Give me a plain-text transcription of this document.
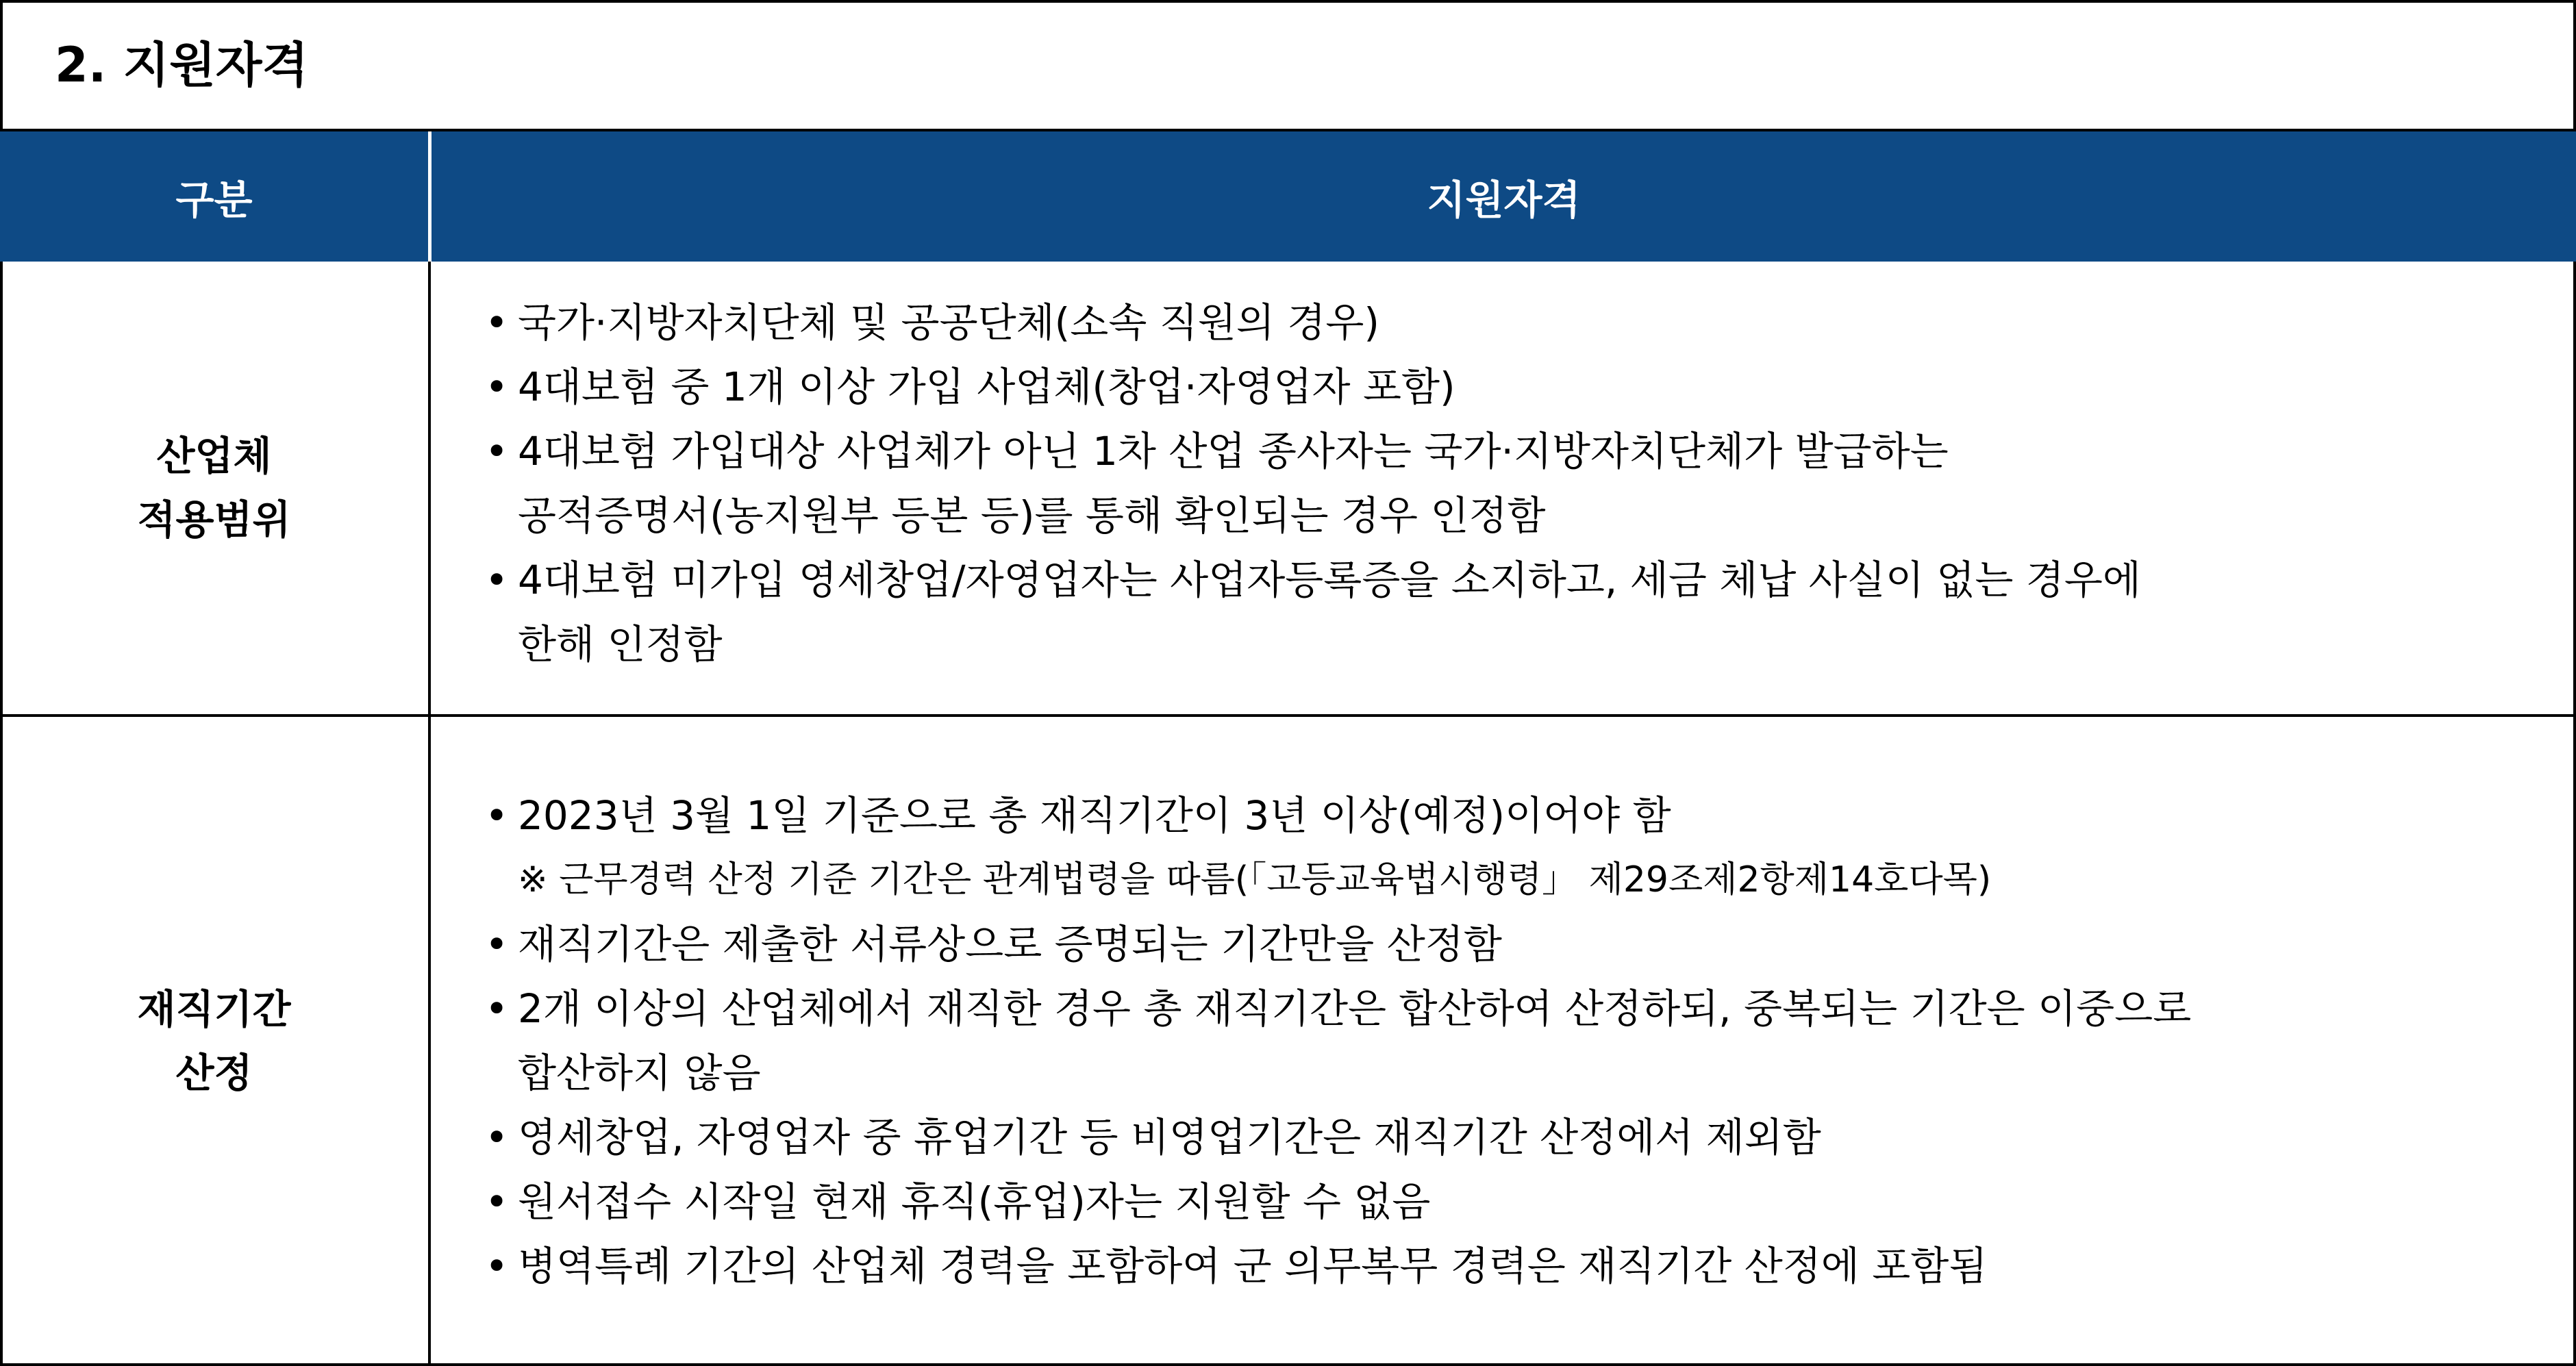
2. 지원자격
구분	지원자격
산업체
적용범위
• 국가·지방자치단체 및 공공단체(소속 직원의 경우)
• 4대보험 중 1개 이상 가입 사업체(창업·자영업자 포함)
• 4대보험 가입대상 사업체가 아닌 1차 산업 종사자는 국가·지방자치단체가 발급하는
공적증명서(농지원부 등본 등)를 통해 확인되는 경우 인정함
• 4대보험 미가입 영세창업/자영업자는 사업자등록증을 소지하고, 세금 체납 사실이 없는 경우에
한해 인정함
재직기간
산정
• 2023년 3월 1일 기준으로 총 재직기간이 3년 이상(예정)이어야 함
※ 근무경력 산정 기준 기간은 관계법령을 따름(「고등교육법시행령」 제29조제2항제14호다목)
• 재직기간은 제출한 서류상으로 증명되는 기간만을 산정함
• 2개 이상의 산업체에서 재직한 경우 총 재직기간은 합산하여 산정하되, 중복되는 기간은 이중으로
합산하지 않음
• 영세창업, 자영업자 중 휴업기간 등 비영업기간은 재직기간 산정에서 제외함
• 원서접수 시작일 현재 휴직(휴업)자는 지원할 수 없음
• 병역특례 기간의 산업체 경력을 포함하여 군 의무복무 경력은 재직기간 산정에 포함됨
